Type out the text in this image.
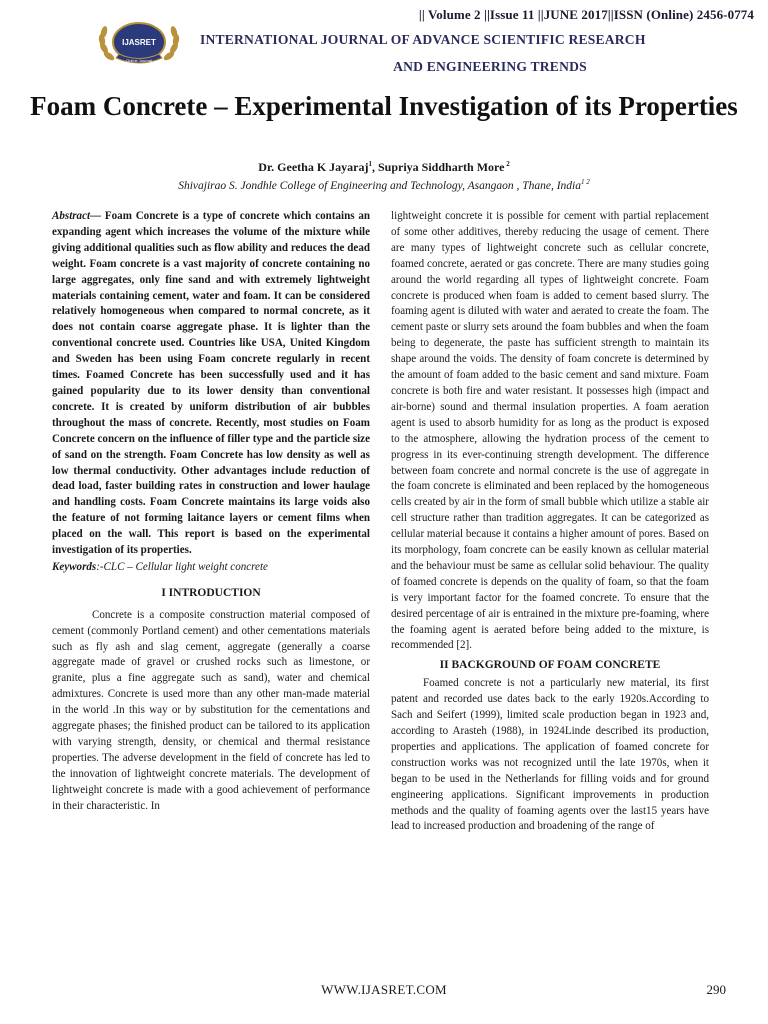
|| Volume 2 ||Issue 11 ||JUNE 2017||ISSN (Online) 2456-0774
IJASRET
Online Journal
INTERNATIONAL JOURNAL OF ADVANCE SCIENTIFIC RESEARCH
AND ENGINEERING TRENDS
Foam Concrete – Experimental Investigation of its Properties
Dr. Geetha K Jayaraj$^1$, Supriya Siddharth More $^2$
Shivajirao S. Jondhle College of Engineering and Technology, Asangaon , Thane, India$^{1 2}$

Abstract— Foam Concrete is a type of concrete which contains an expanding agent which increases the volume of the mixture while giving additional qualities such as flow ability and reduces the dead weight. Foam concrete is a vast majority of concrete containing no large aggregates, only fine sand and with extremely lightweight materials containing cement, water and foam. It can be considered relatively homogeneous when compared to normal concrete, as it does not contain coarse aggregate phase. It is lighter than the conventional concrete used. Countries like USA, United Kingdom and Sweden has been using Foam concrete regularly in recent times. Foamed Concrete has been successfully used and it has gained popularity due to its lower density than conventional concrete. It is created by uniform distribution of air bubbles throughout the mass of concrete. Recently, most studies on Foam Concrete concern on the influence of filler type and the particle size of sand on the strength. Foam Concrete has low density as well as low thermal conductivity. Other advantages include reduction of dead load, faster building rates in construction and lower haulage and handling costs. Foam Concrete maintains its large voids also the feature of not forming laitance layers or cement films when placed on the wall. This report is based on the experimental investigation of its properties.

Keywords:-CLC – Cellular light weight concrete

I INTRODUCTION

Concrete is a composite construction material composed of cement (commonly Portland cement) and other cementations materials such as fly ash and slag cement, aggregate (generally a coarse aggregate made of gravel or crushed rocks such as limestone, or granite, plus a fine aggregate such as sand), water and chemical admixtures. Concrete is used more than any other man-made material in the world .In this way or by substitution for the cementations and aggregate phases; the finished product can be tailored to its application with varying strength, density, or chemical and thermal resistance properties. The adverse development in the field of concrete has led to the innovation of lightweight concrete materials. The development of lightweight concrete is made with a good achievement of performance in their characteristic. In

lightweight concrete it is possible for cement with partial replacement of some other additives, thereby reducing the usage of cement. There are many types of lightweight concrete such as cellular concrete, foamed concrete, aerated or gas concrete. There are many studies going around the world regarding all types of lightweight concrete. Foam concrete is produced when foam is added to cement based slurry. The foaming agent is diluted with water and aerated to create the foam. The cement paste or slurry sets around the foam bubbles and when the foam being to degenerate, the paste has sufficient strength to maintain its shape around the voids. The density of foam concrete is determined by the amount of foam added to the basic cement and sand mixture. Foam concrete is both fire and water resistant. It possesses high (impact and air-borne) sound and thermal insulation properties. A foam aeration agent is used to absorb humidity for as long as the product is exposed to the atmosphere, allowing the hydration process of the cement to progress in its ever-continuing strength development. The difference between foam concrete and normal concrete is the use of aggregate in the foam concrete is eliminated and been replaced by the homogeneous cells created by air in the form of small bubble which utilize a stable air cell structure rather than tradition aggregates. It can be categorized as cellular material because it contains a higher amount of pores. Based on its morphology, foam concrete can be easily known as cellular material and the behaviour must be same as cellular solid behaviour. The quality of foamed concrete is depends on the quality of foam, so that the foam is very important factor for the foamed concrete. To ensure that the desired percentage of air is entrained in the mixture pre-foaming, where the foaming agent is aerated before being added to the mixture, is recommended [2].

II BACKGROUND OF FOAM CONCRETE

Foamed concrete is not a particularly new material, its first patent and recorded use dates back to the early 1920s.According to Sach and Seifert (1999), limited scale production began in 1923 and, according to Arasteh (1988), in 1924Linde described its production, properties and applications. The application of foamed concrete for construction works was not recognized until the late 1970s, when it began to be used in the Netherlands for filling voids and for ground engineering applications. Significant improvements in production methods and the quality of foaming agents over the last15 years have lead to increased production and broadening of the range of

WWW.IJASRET.COM	290
